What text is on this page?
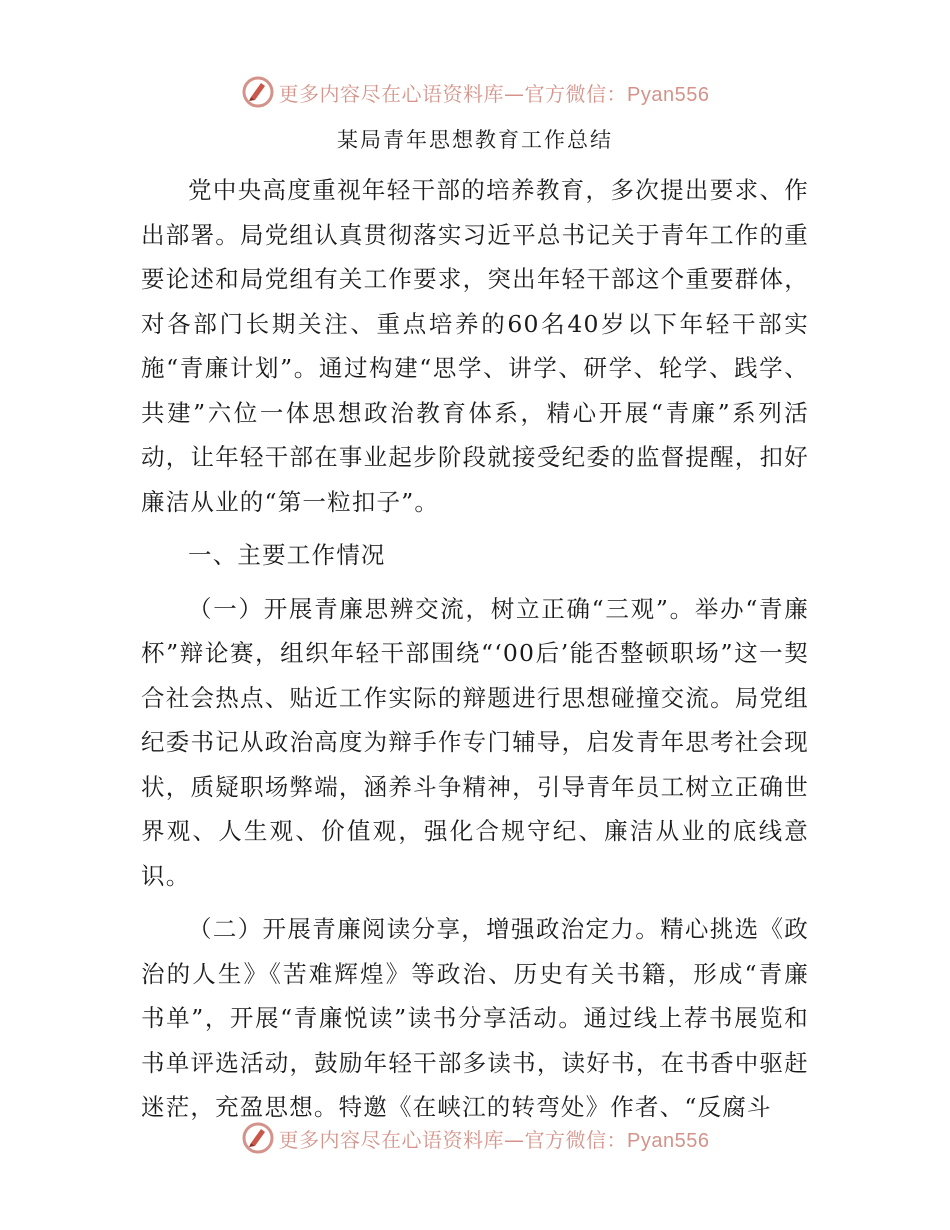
更多内容尽在心语资料库—官方微信：Pyan556
某局青年思想教育工作总结

党中央高度重视年轻干部的培养教育，多次提出要求、作出部署。局党组认真贯彻落实习近平总书记关于青年工作的重要论述和局党组有关工作要求，突出年轻干部这个重要群体，对各部门长期关注、重点培养的60名40岁以下年轻干部实施“青廉计划”。通过构建“思学、讲学、研学、轮学、践学、共建”六位一体思想政治教育体系，精心开展“青廉”系列活动，让年轻干部在事业起步阶段就接受纪委的监督提醒，扣好廉洁从业的“第一粒扣子”。

一、主要工作情况

（一）开展青廉思辨交流，树立正确“三观”。举办“青廉杯”辩论赛，组织年轻干部围绕“‘00后’能否整顿职场”这一契合社会热点、贴近工作实际的辩题进行思想碰撞交流。局党组纪委书记从政治高度为辩手作专门辅导，启发青年思考社会现状，质疑职场弊端，涵养斗争精神，引导青年员工树立正确世界观、人生观、价值观，强化合规守纪、廉洁从业的底线意识。

（二）开展青廉阅读分享，增强政治定力。精心挑选《政治的人生》《苦难辉煌》等政治、历史有关书籍，形成“青廉书单”，开展“青廉悦读”读书分享活动。通过线上荐书展览和书单评选活动，鼓励年轻干部多读书，读好书，在书香中驱赶迷茫，充盈思想。特邀《在峡江的转弯处》作者、“反腐斗

更多内容尽在心语资料库—官方微信：Pyan556
